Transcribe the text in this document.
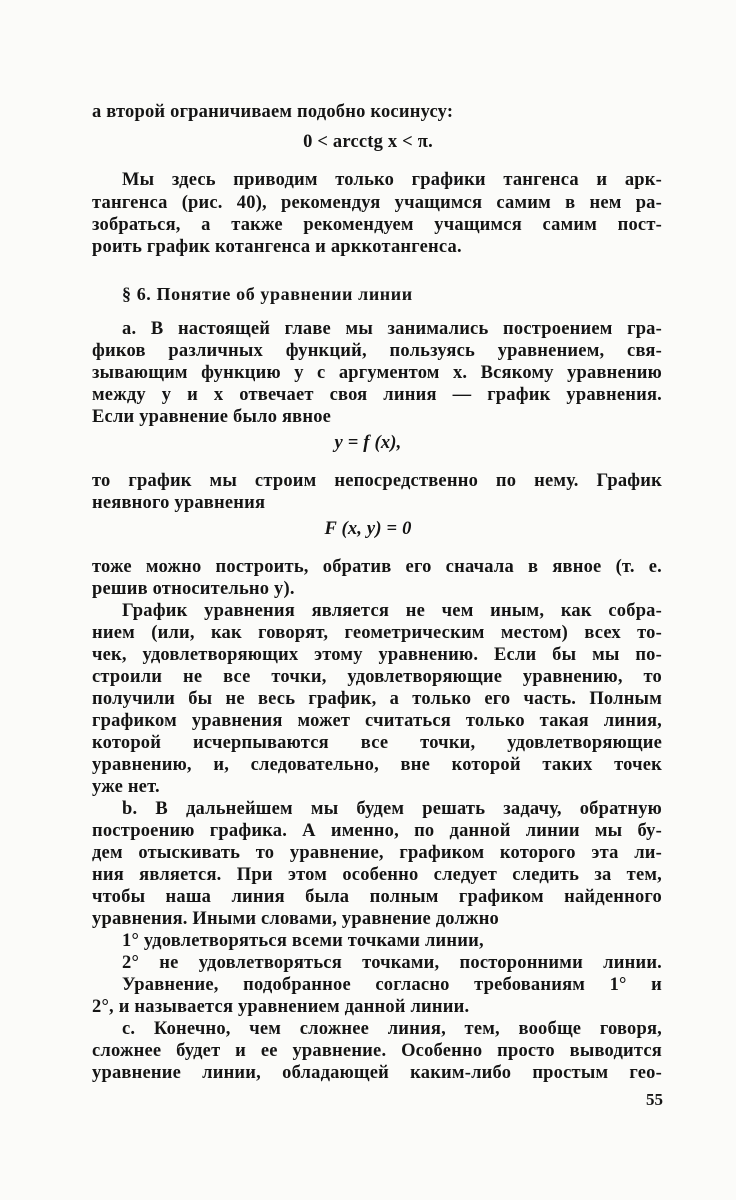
а второй ограничиваем подобно косинусу:
0 < arcctg x < π.
Мы здесь приводим только графики тангенса и арк-
тангенса (рис. 40), рекомендуя учащимся самим в нем ра-
зобраться, а также рекомендуем учащимся самим пост-
роить график котангенса и арккотангенса.
§ 6. Понятие об уравнении линии
а. В настоящей главе мы занимались построением гра-
фиков различных функций, пользуясь уравнением, свя-
зывающим функцию y с аргументом x. Всякому уравнению
между y и x отвечает своя линия — график уравнения.
Если уравнение было явное
y = f (x),
то график мы строим непосредственно по нему. График
неявного уравнения
F (x, y) = 0
тоже можно построить, обратив его сначала в явное (т. е.
решив относительно y).
График уравнения является не чем иным, как собра-
нием (или, как говорят, геометрическим местом) всех то-
чек, удовлетворяющих этому уравнению. Если бы мы по-
строили не все точки, удовлетворяющие уравнению, то
получили бы не весь график, а только его часть. Полным
графиком уравнения может считаться только такая линия,
которой исчерпываются все точки, удовлетворяющие
уравнению, и, следовательно, вне которой таких точек
уже нет.
b. В дальнейшем мы будем решать задачу, обратную
построению графика. А именно, по данной линии мы бу-
дем отыскивать то уравнение, графиком которого эта ли-
ния является. При этом особенно следует следить за тем,
чтобы наша линия была полным графиком найденного
уравнения. Иными словами, уравнение должно
1° удовлетворяться всеми точками линии,
2° не удовлетворяться точками, посторонними линии.
Уравнение, подобранное согласно требованиям 1° и
2°, и называется уравнением данной линии.
с. Конечно, чем сложнее линия, тем, вообще говоря,
сложнее будет и ее уравнение. Особенно просто выводится
уравнение линии, обладающей каким-либо простым гео-
55
